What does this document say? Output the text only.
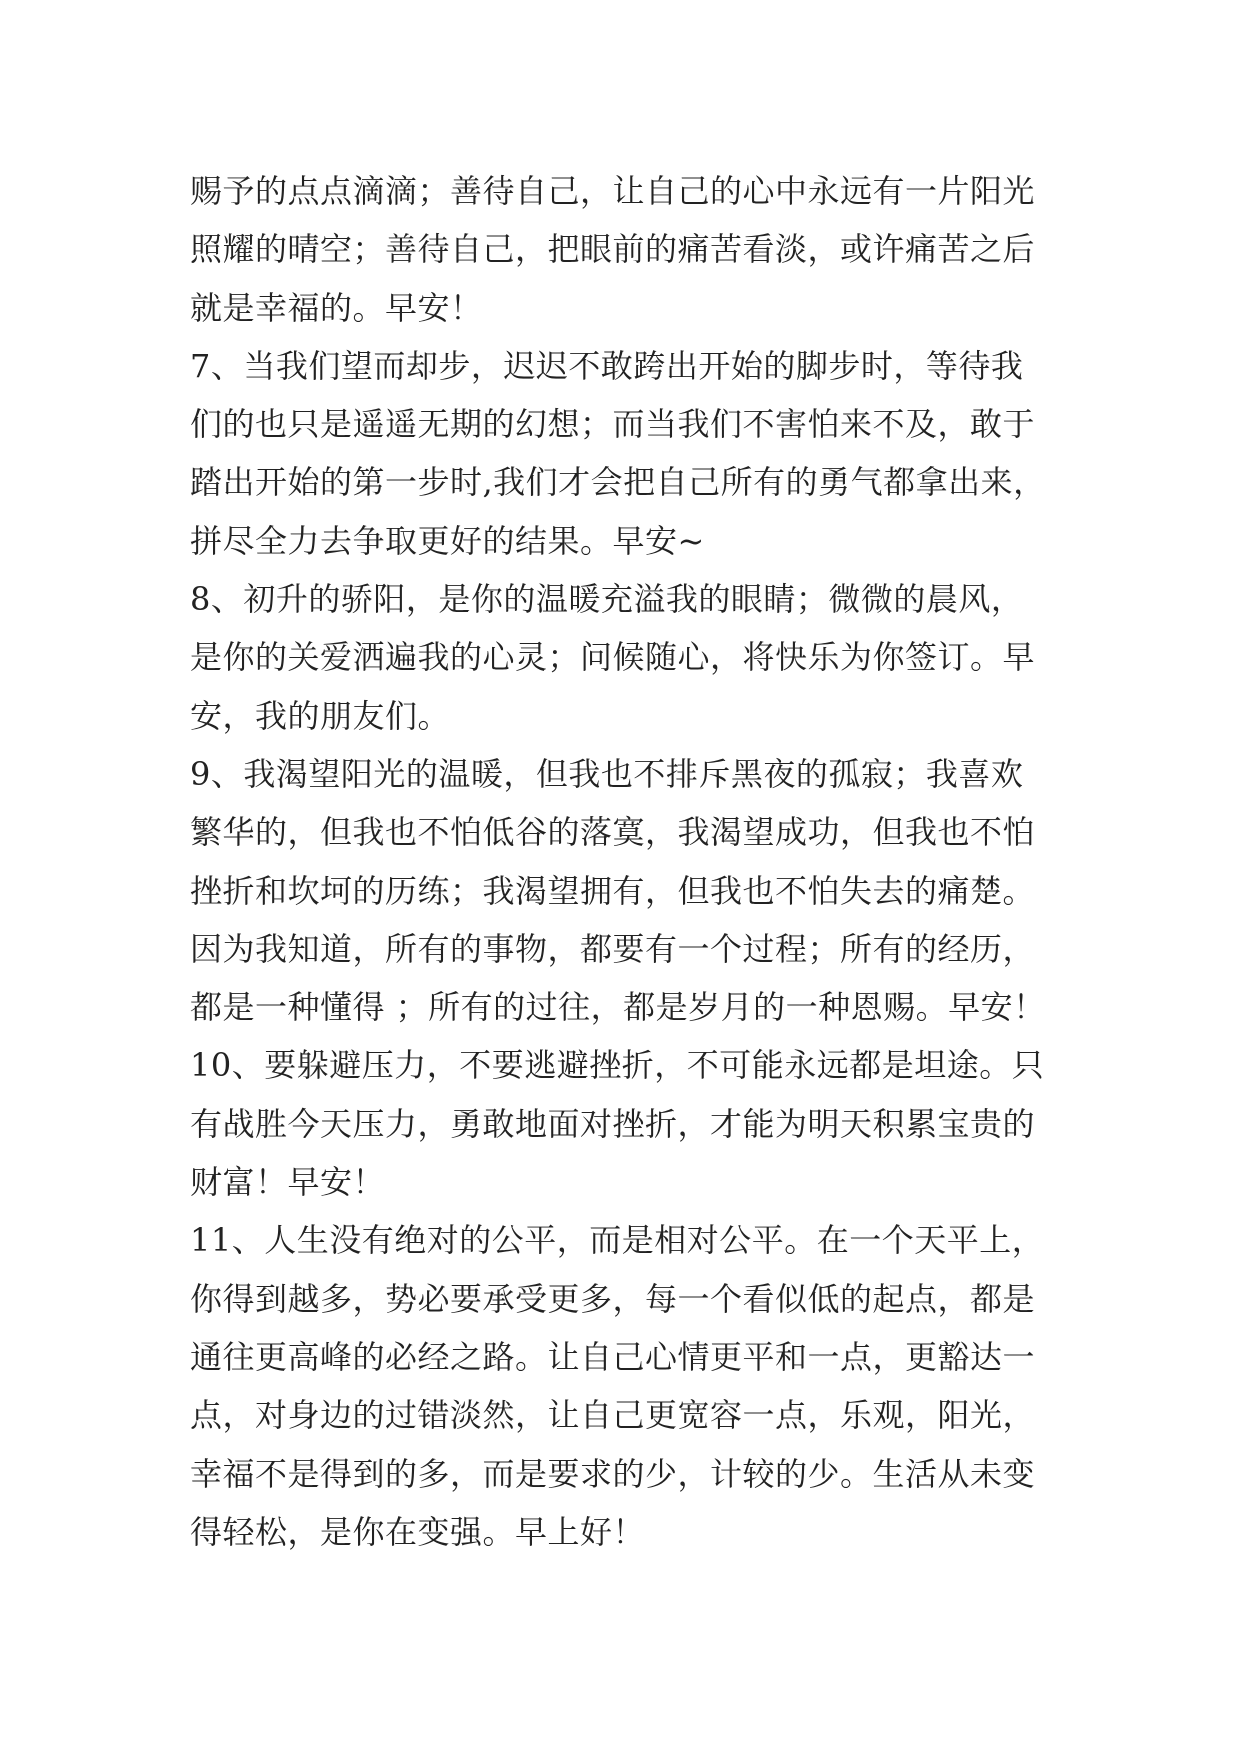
赐予的点点滴滴；善待自己，让自己的心中永远有一片阳光
照耀的晴空；善待自己，把眼前的痛苦看淡，或许痛苦之后
就是幸福的。早安！
7、当我们望而却步，迟迟不敢跨出开始的脚步时，等待我
们的也只是遥遥无期的幻想；而当我们不害怕来不及，敢于
踏出开始的第一步时,我们才会把自己所有的勇气都拿出来，
拼尽全力去争取更好的结果。早安~
8、初升的骄阳，是你的温暖充溢我的眼睛；微微的晨风，
是你的关爱洒遍我的心灵；问候随心，将快乐为你签订。早
安，我的朋友们。
9、我渴望阳光的温暖，但我也不排斥黑夜的孤寂；我喜欢
繁华的，但我也不怕低谷的落寞，我渴望成功，但我也不怕
挫折和坎坷的历练；我渴望拥有，但我也不怕失去的痛楚。
因为我知道，所有的事物，都要有一个过程；所有的经历，
都是一种懂得 ；所有的过往，都是岁月的一种恩赐。早安！
10、要躲避压力，不要逃避挫折，不可能永远都是坦途。只
有战胜今天压力，勇敢地面对挫折，才能为明天积累宝贵的
财富！早安！
11、人生没有绝对的公平，而是相对公平。在一个天平上，
你得到越多，势必要承受更多，每一个看似低的起点，都是
通往更高峰的必经之路。让自己心情更平和一点，更豁达一
点，对身边的过错淡然，让自己更宽容一点，乐观，阳光，
幸福不是得到的多，而是要求的少，计较的少。生活从未变
得轻松，是你在变强。早上好！
